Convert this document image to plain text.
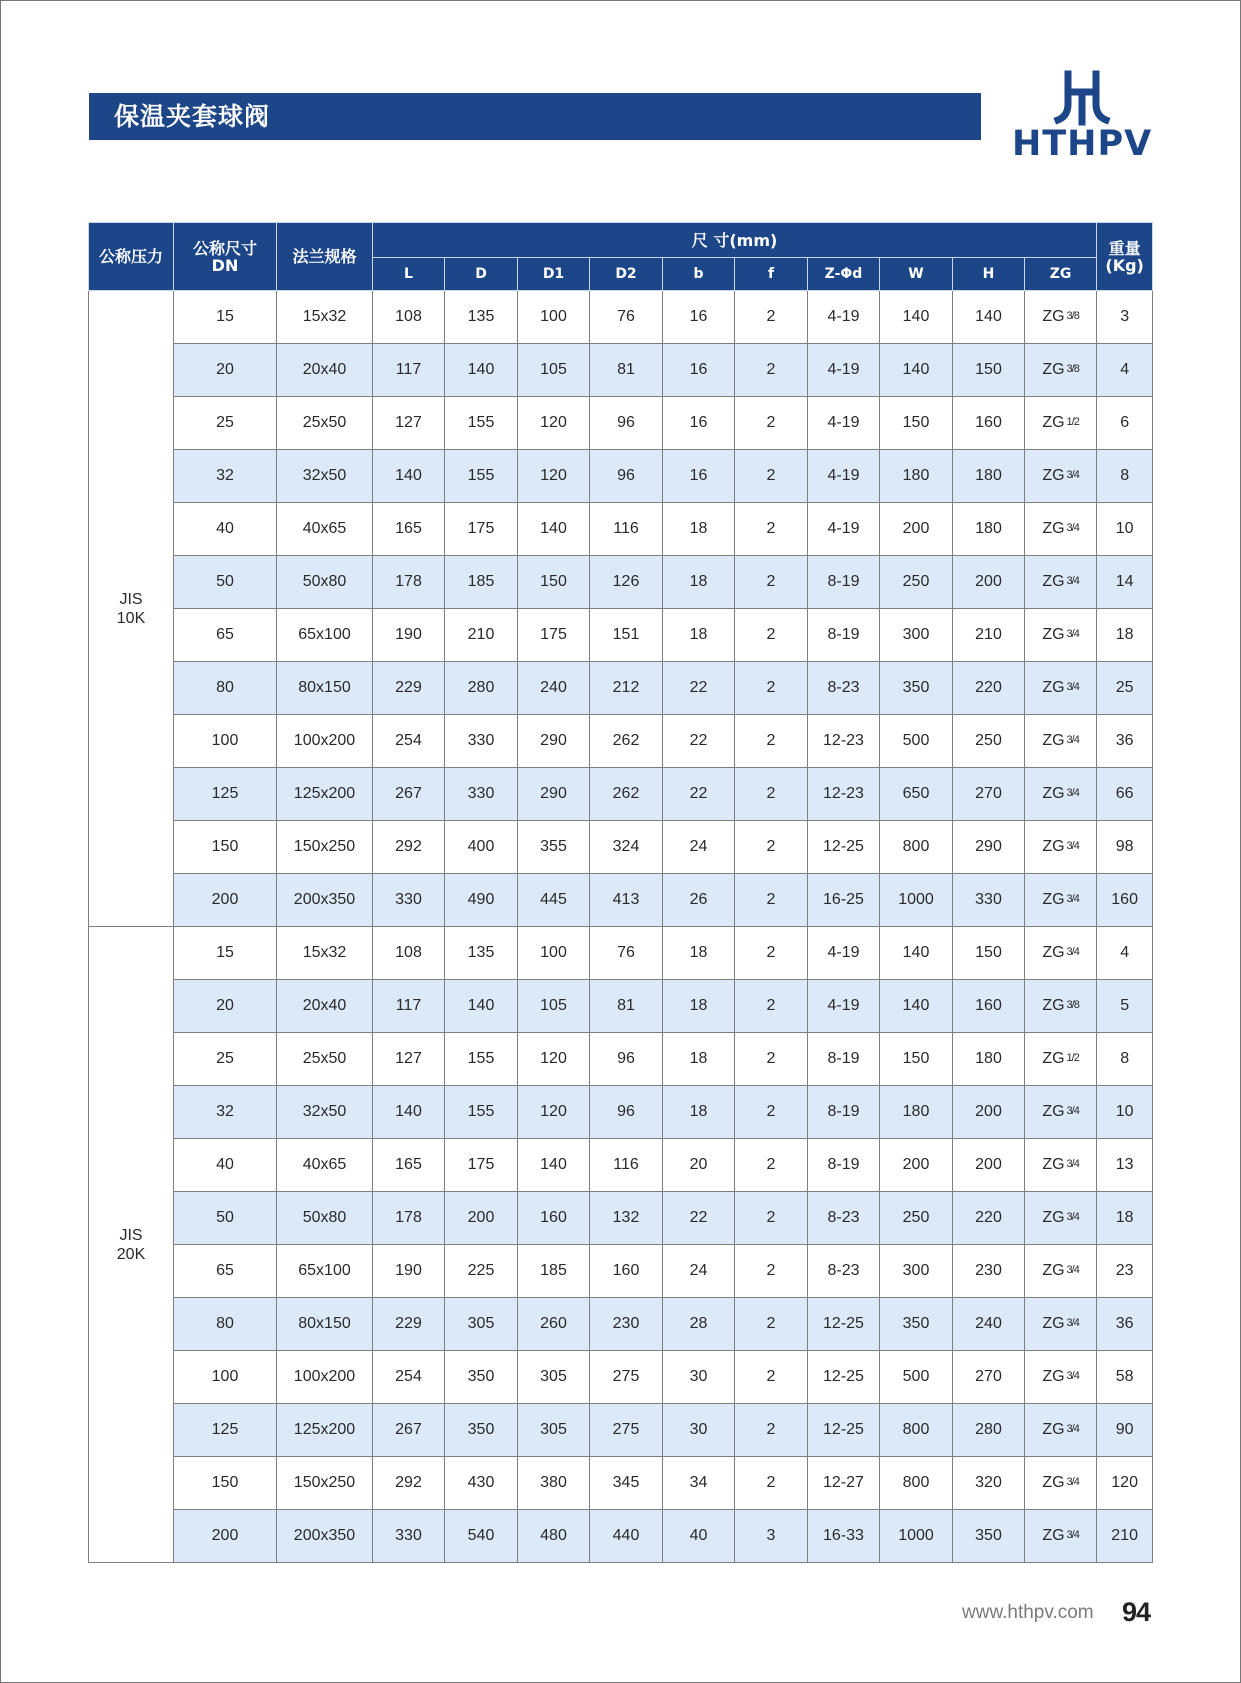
保温夹套球阀
HTHPV
公称压力	公称尺寸
DN	法兰规格	尺 寸(mm)										重量
(Kg)
			L	D	D1	D2	b	f	Z-Φd	W	H	ZG	
JIS
10K	15	15x32	108	135	100	76	16	2	4-19	140	140	ZG 3/8	3
	20	20x40	117	140	105	81	16	2	4-19	140	150	ZG 3/8	4
	25	25x50	127	155	120	96	16	2	4-19	150	160	ZG 1/2	6
	32	32x50	140	155	120	96	16	2	4-19	180	180	ZG 3/4	8
	40	40x65	165	175	140	116	18	2	4-19	200	180	ZG 3/4	10
	50	50x80	178	185	150	126	18	2	8-19	250	200	ZG 3/4	14
	65	65x100	190	210	175	151	18	2	8-19	300	210	ZG 3/4	18
	80	80x150	229	280	240	212	22	2	8-23	350	220	ZG 3/4	25
	100	100x200	254	330	290	262	22	2	12-23	500	250	ZG 3/4	36
	125	125x200	267	330	290	262	22	2	12-23	650	270	ZG 3/4	66
	150	150x250	292	400	355	324	24	2	12-25	800	290	ZG 3/4	98
	200	200x350	330	490	445	413	26	2	16-25	1000	330	ZG 3/4	160
JIS
20K	15	15x32	108	135	100	76	18	2	4-19	140	150	ZG 3/4	4
	20	20x40	117	140	105	81	18	2	4-19	140	160	ZG 3/8	5
	25	25x50	127	155	120	96	18	2	8-19	150	180	ZG 1/2	8
	32	32x50	140	155	120	96	18	2	8-19	180	200	ZG 3/4	10
	40	40x65	165	175	140	116	20	2	8-19	200	200	ZG 3/4	13
	50	50x80	178	200	160	132	22	2	8-23	250	220	ZG 3/4	18
	65	65x100	190	225	185	160	24	2	8-23	300	230	ZG 3/4	23
	80	80x150	229	305	260	230	28	2	12-25	350	240	ZG 3/4	36
	100	100x200	254	350	305	275	30	2	12-25	500	270	ZG 3/4	58
	125	125x200	267	350	305	275	30	2	12-25	800	280	ZG 3/4	90
	150	150x250	292	430	380	345	34	2	12-27	800	320	ZG 3/4	120
	200	200x350	330	540	480	440	40	3	16-33	1000	350	ZG 3/4	210
www.hthpv.com 94
